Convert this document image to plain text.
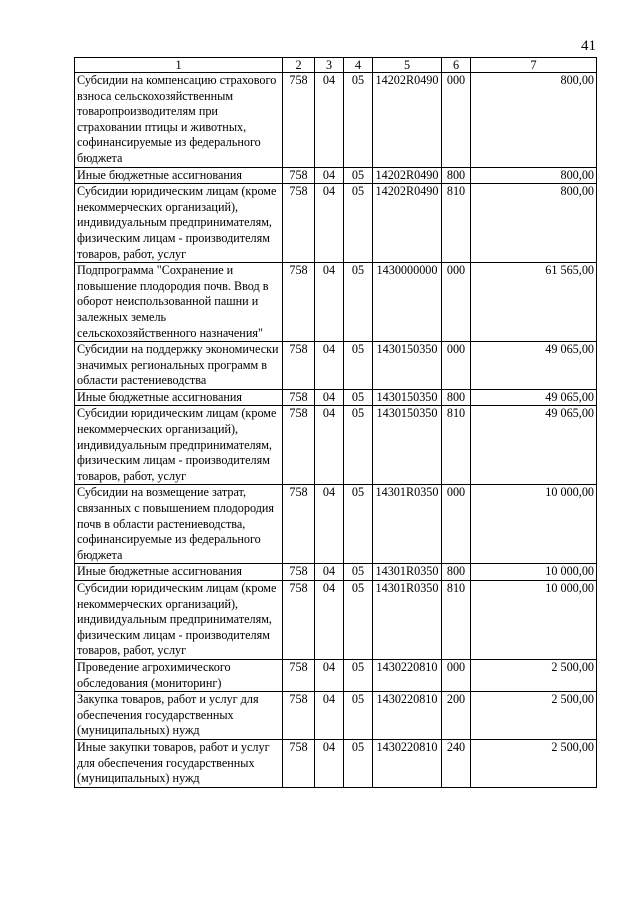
41
1	2	3	4	5	6	7
Субсидии на компенсацию страхового взноса сельскохозяйственным товаропроизводителям при страховании птицы и животных, софинансируемые из федерального бюджета	758	04	05	14202R0490	000	800,00
Иные бюджетные ассигнования	758	04	05	14202R0490	800	800,00
Субсидии юридическим лицам (кроме некоммерческих организаций), индивидуальным предпринимателям, физическим лицам - производителям товаров, работ, услуг	758	04	05	14202R0490	810	800,00
Подпрограмма "Сохранение и повышение плодородия почв. Ввод в оборот неиспользованной пашни и залежных земель сельскохозяйственного назначения"	758	04	05	1430000000	000	61 565,00
Субсидии на поддержку экономически значимых региональных программ в области растениеводства	758	04	05	1430150350	000	49 065,00
Иные бюджетные ассигнования	758	04	05	1430150350	800	49 065,00
Субсидии юридическим лицам (кроме некоммерческих организаций), индивидуальным предпринимателям, физическим лицам - производителям товаров, работ, услуг	758	04	05	1430150350	810	49 065,00
Субсидии на возмещение затрат, связанных с повышением плодородия почв в области растениеводства, софинансируемые из федерального бюджета	758	04	05	14301R0350	000	10 000,00
Иные бюджетные ассигнования	758	04	05	14301R0350	800	10 000,00
Субсидии юридическим лицам (кроме некоммерческих организаций), индивидуальным предпринимателям, физическим лицам - производителям товаров, работ, услуг	758	04	05	14301R0350	810	10 000,00
Проведение агрохимического обследования (мониторинг)	758	04	05	1430220810	000	2 500,00
Закупка товаров, работ и услуг для обеспечения государственных (муниципальных) нужд	758	04	05	1430220810	200	2 500,00
Иные закупки товаров, работ и услуг для обеспечения государственных (муниципальных) нужд	758	04	05	1430220810	240	2 500,00
